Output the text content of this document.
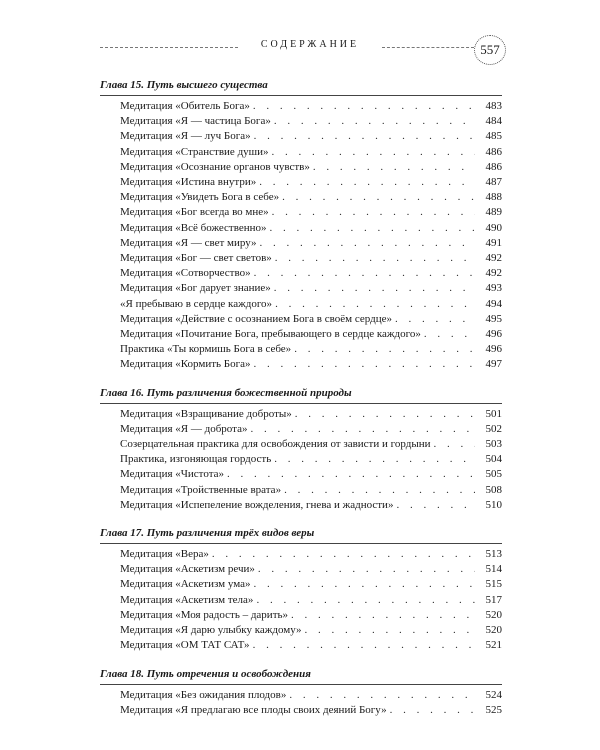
СОДЕРЖАНИЕ	557
Глава 15. Путь высшего существа
Медитация «Обитель Бога» . . .	483
Медитация «Я — частица Бога» . . .	484
Медитация «Я — луч Бога» . . .	485
Медитация «Странствие души» . . .	486
Медитация «Осознание органов чувств» . . .	486
Медитация «Истина внутри» . . .	487
Медитация «Увидеть Бога в себе» . . .	488
Медитация «Бог всегда во мне» . . .	489
Медитация «Всё божественно» . . .	490
Медитация «Я — свет миру» . . .	491
Медитация «Бог — свет светов» . . .	492
Медитация «Сотворчество» . . .	492
Медитация «Бог дарует знание» . . .	493
«Я пребываю в сердце каждого» . . .	494
Медитация «Действие с осознанием Бога в своём сердце» . . .	495
Медитация «Почитание Бога, пребывающего в сердце каждого» . . .	496
Практика «Ты кормишь Бога в себе» . . .	496
Медитация «Кормить Бога» . . .	497
Глава 16. Путь различения божественной природы
Медитация «Взращивание доброты» . . .	501
Медитация «Я — доброта» . . .	502
Созерцательная практика для освобождения от зависти и гордыни . . .	503
Практика, изгоняющая гордость . . .	504
Медитация «Чистота» . . .	505
Медитация «Тройственные врата» . . .	508
Медитация «Испепеление вожделения, гнева и жадности» . . .	510
Глава 17. Путь различения трёх видов веры
Медитация «Вера» . . .	513
Медитация «Аскетизм речи» . . .	514
Медитация «Аскетизм ума» . . .	515
Медитация «Аскетизм тела» . . .	517
Медитация «Моя радость – дарить» . . .	520
Медитация «Я дарю улыбку каждому» . . .	520
Медитация «ОМ ТАТ САТ» . . .	521
Глава 18. Путь отречения и освобождения
Медитация «Без ожидания плодов» . . .	524
Медитация «Я предлагаю все плоды своих деяний Богу» . . .	525
